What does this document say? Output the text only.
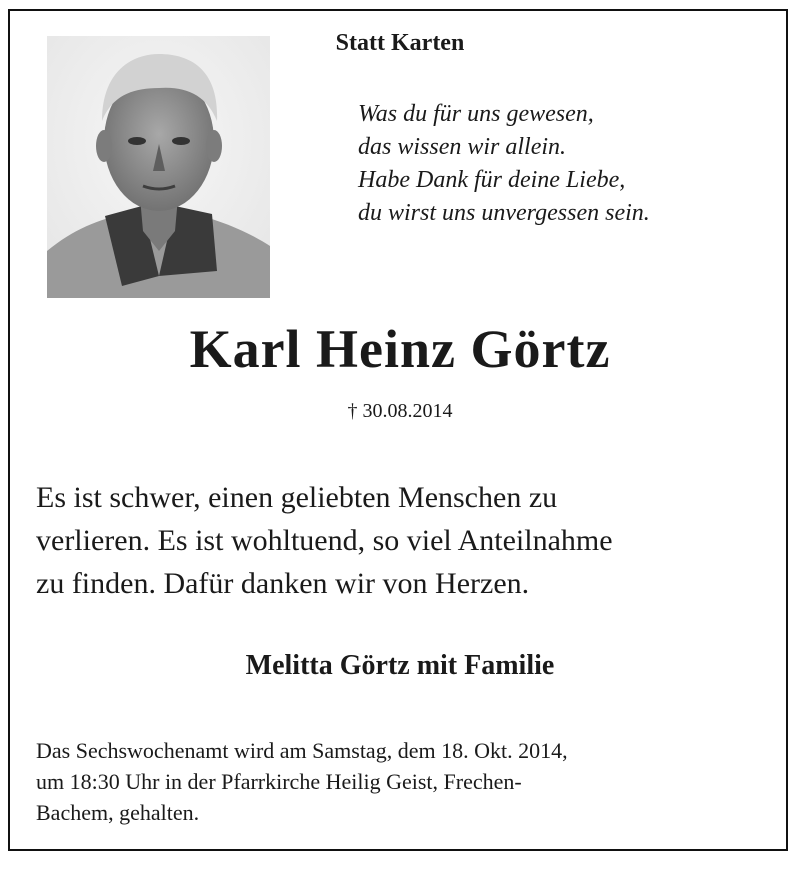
Statt Karten
Was du für uns gewesen,
das wissen wir allein.
Habe Dank für deine Liebe,
du wirst uns unvergessen sein.
Karl Heinz Görtz
† 30.08.2014
Es ist schwer, einen geliebten Menschen zu
verlieren. Es ist wohltuend, so viel Anteilnahme
zu finden. Dafür danken wir von Herzen.
Melitta Görtz mit Familie
Das Sechswochenamt wird am Samstag, dem 18. Okt. 2014,
um 18:30 Uhr in der Pfarrkirche Heilig Geist, Frechen-
Bachem, gehalten.
